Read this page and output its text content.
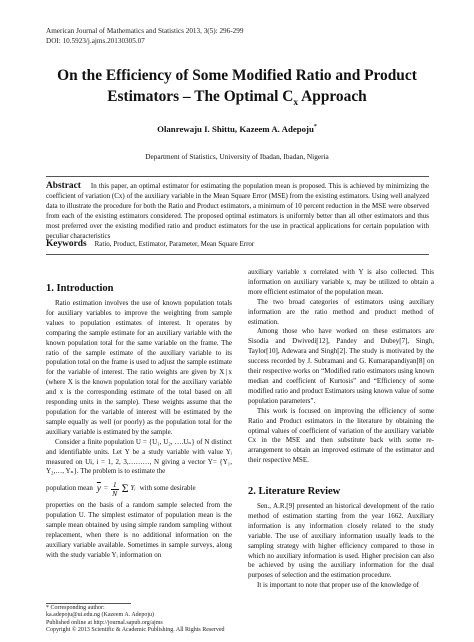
American Journal of Mathematics and Statistics 2013, 3(5): 296-299
DOI: 10.5923/j.ajms.20130305.07
On the Efficiency of Some Modified Ratio and Product
Estimators – The Optimal $C_x$ Approach
Olanrewaju I. Shittu, Kazeem A. Adepoju*
Department of Statistics, University of Ibadan, Ibadan, Nigeria
Abstract In this paper, an optimal estimator for estimating the population mean is proposed. This is achieved by minimizing the coefficient of variation (Cx) of the auxiliary variable in the Mean Square Error (MSE) from the existing estimators. Using well analyzed data to illustrate the procedure for both the Ratio and Product estimators, a minimum of 10 percent reduction in the MSE were observed from each of the existing estimators considered. The proposed optimal estimators is uniformly better than all other estimators and thus most preferred over the existing modified ratio and product estimators for the use in practical applications for certain population with peculiar characteristics
Keywords Ratio, Product, Estimator, Parameter, Mean Square Error
1. Introduction

Ratio estimation involves the use of known population totals for auxiliary variables to improve the weighting from sample values to population estimates of interest. It operates by comparing the sample estimate for an auxiliary variable with the known population total for the same variable on the frame. The ratio of the sample estimate of the auxiliary variable to its population total on the frame is used to adjust the sample estimate for the variable of interest. The ratio weights are given by X | x (where X is the known population total for the auxiliary variable and x is the corresponding estimate of the total based on all responding units in the sample). These weights assume that the population for the variable of interest will be estimated by the sample equally as well (or poorly) as the population total for the auxiliary variable is estimated by the sample.

Consider a finite population U = {U₁, U₂, ….Uₙ} of N distinct and identifiable units. Let Y be a study variable with value Yᵢ measured on Ui, i = 1, 2, 3,………, N giving a vector Y= {Y₁, Y₂,…, Yₙ}. The problem is to estimate the

population mean $\overline{y} = \frac{1}{N}$ Σ Yᵢ with some desirable

properties on the basis of a random sample selected from the population U. The simplest estimator of population mean is the sample mean obtained by using simple random sampling without replacement, when there is no additional information on the auxiliary variable available. Sometimes in sample surveys, along with the study variable Yᵢ information on

auxiliary variable x correlated with Y is also collected. This information on auxiliary variable x, may be utilized to obtain a more efficient estimator of the population mean.

The two broad categories of estimators using auxiliary information are the ratio method and product method of estimation.

Among those who have worked on these estimators are Sisodia and Dwivedi[12], Pandey and Dubey[7], Singh, Taylor[10], Adewara and Singh[2]. The study is motivated by the success recorded by J. Subramani and G. Kumarapandiyan[8] on their respective works on “Modified ratio estimators using known median and coefficient of Kurtosis” and “Efficiency of some modified ratio and product Estimators using known value of some population parameters”.

This work is focused on improving the efficiency of some Ratio and Product estimators in the literature by obtaining the optimal values of coefficient of variation of the auxiliary variable Cx in the MSE and then substitute back with some re-arrangement to obtain an improved estimate of the estimator and their respective MSE.

2. Literature Review

Sen., A.R.[9] presented an historical development of the ratio method of estimation starting from the year 1662. Auxiliary information is any information closely related to the study variable. The use of auxiliary information usually leads to the sampling strategy with higher efficiency compared to those in which no auxiliary information is used. Higher precision can also be achieved by using the auxiliary information for the dual purposes of selection and the estimation procedure.

It is important to note that proper use of the knowledge of

* Corresponding author:
ka.adepoju@ui.edu.ng (Kazeem A. Adepoju)
Published online at http://journal.sapub.org/ajms
Copyright © 2013 Scientific & Academic Publishing. All Rights Reserved
